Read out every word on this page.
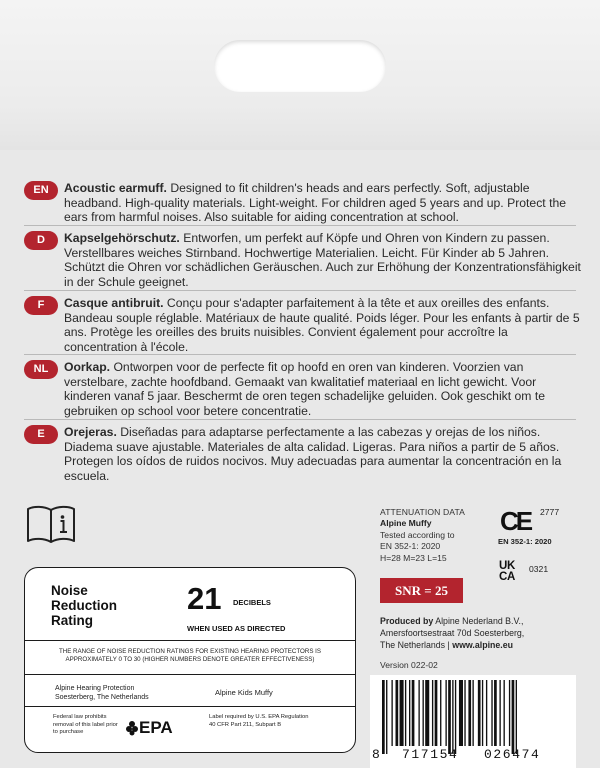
EN	Acoustic earmuff. Designed to fit children's heads and ears perfectly. Soft, adjustable headband. High-quality materials. Light-weight. For children aged 5 years and up. Protect the ears from harmful noises. Also suitable for aiding concentration at school.
D	Kapselgehörschutz. Entworfen, um perfekt auf Köpfe und Ohren von Kindern zu passen. Verstellbares weiches Stirnband. Hochwertige Materialien. Leicht. Für Kinder ab 5 Jahren. Schützt die Ohren vor schädlichen Geräuschen. Auch zur Erhöhung der Konzentrationsfähigkeit in der Schule geeignet.
F	Casque antibruit. Conçu pour s'adapter parfaitement à la tête et aux oreilles des enfants. Bandeau souple réglable. Matériaux de haute qualité. Poids léger. Pour les enfants à partir de 5 ans. Protège les oreilles des bruits nuisibles. Convient également pour accroître la concentration à l'école.
NL	Oorkap. Ontworpen voor de perfecte fit op hoofd en oren van kinderen. Voorzien van verstelbare, zachte hoofdband. Gemaakt van kwalitatief materiaal en licht gewicht. Voor kinderen vanaf 5 jaar. Beschermt de oren tegen schadelijke geluiden. Ook geschikt om te gebruiken op school voor betere concentratie.
E	Orejeras. Diseñadas para adaptarse perfectamente a las cabezas y orejas de los niños. Diadema suave ajustable. Materiales de alta calidad. Ligeras. Para niños a partir de 5 años. Protegen los oídos de ruidos nocivos. Muy adecuadas para aumentar la concentración en la escuela.
Noise Reduction Rating
21 DECIBELS
WHEN USED AS DIRECTED
THE RANGE OF NOISE REDUCTION RATINGS FOR EXISTING HEARING PROTECTORS IS APPROXIMATELY 0 TO 30 (HIGHER NUMBERS DENOTE GREATER EFFECTIVENESS)
Alpine Hearing Protection
Soesterberg, The Netherlands
Alpine Kids Muffy
Federal law prohibits removal of this label prior to purchase	EPA
Label required by U.S. EPA Regulation 40 CFR Part 211, Subpart B
ATTENUATION DATA
Alpine Muffy
Tested according to
EN 352-1: 2020
H=28 M=23 L=15
SNR = 25
CE 2777
EN 352-1: 2020
UK CA
0321
Produced by Alpine Nederland B.V.,
Amersfoortsestraat 70d Soesterberg,
The Netherlands | www.alpine.eu
Version 022-02
8 717154 026474
